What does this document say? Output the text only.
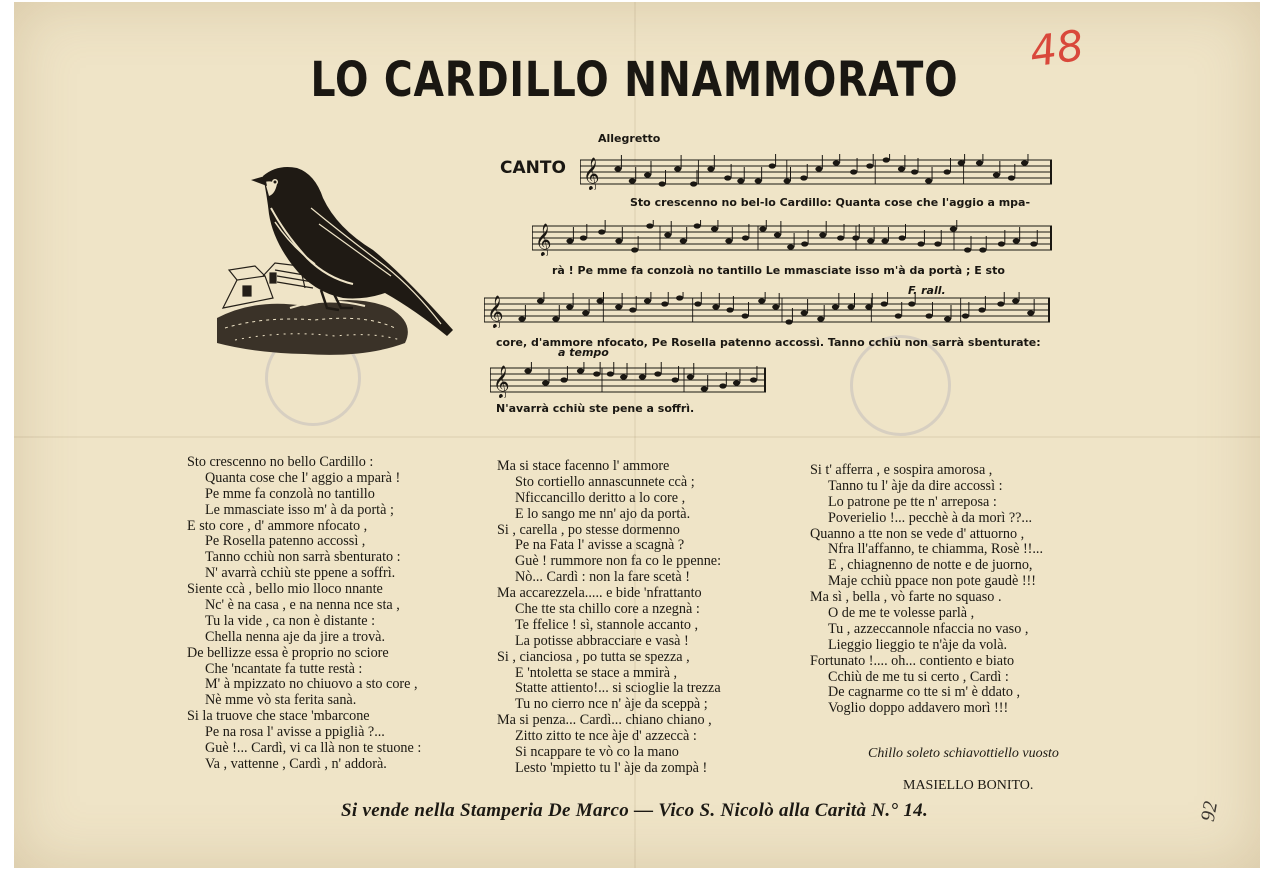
LO CARDILLO NNAMMORATO
48
Allegretto
CANTO
F. rall.
a tempo
𝄞
𝄞
𝄞
𝄞
Sto crescenno no bel-lo Cardillo: Quanta cose che l'aggio a mpa-
rà ! Pe mme fa conzolà no tantillo Le mmasciate isso m'à da portà ; E sto
core, d'ammore nfocato, Pe Rosella patenno accossì. Tanno cchiù non sarrà sbenturate:
N'avarrà cchiù ste pene a soffrì.
Sto crescenno no bello Cardillo :
Quanta cose che l' aggio a mparà !
Pe mme fa conzolà no tantillo
Le mmasciate isso m' à da portà ;
E sto core , d' ammore nfocato ,
Pe Rosella patenno accossì ,
Tanno cchiù non sarrà sbenturato :
N' avarrà cchiù ste ppene a soffrì.
Siente ccà , bello mio lloco nnante
Nc' è na casa , e na nenna nce sta ,
Tu la vide , ca non è distante :
Chella nenna aje da jire a trovà.
De bellizze essa è proprio no sciore
Che 'ncantate fa tutte restà :
M' à mpizzato no chiuovo a sto core ,
Nè mme vò sta ferita sanà.
Si la truove che stace 'mbarcone
Pe na rosa l' avisse a ppiglià ?...
Guè !... Cardì, vi ca llà non te stuone :
Va , vattenne , Cardì , n' addorà.
Ma si stace facenno l' ammore
Sto cortiello annascunnete ccà ;
Nficcancillo deritto a lo core ,
E lo sango me nn' ajo da portà.
Si , carella , po stesse dormenno
Pe na Fata l' avisse a scagnà ?
Guè ! rummore non fa co le ppenne:
Nò... Cardì : non la fare scetà !
Ma accarezzela..... e bide 'nfrattanto
Che tte sta chillo core a nzegnà :
Te ffelice ! sì, stannole accanto ,
La potisse abbracciare e vasà !
Si , cianciosa , po tutta se spezza ,
E 'ntoletta se stace a mmirà ,
Statte attiento!... si scioglie la trezza
Tu no cierro nce n' àje da sceppà ;
Ma si penza... Cardì... chiano chiano ,
Zitto zitto te nce àje d' azzeccà :
Si ncappare te vò co la mano
Lesto 'mpietto tu l' àje da zompà !
Si t' afferra , e sospira amorosa ,
Tanno tu l' àje da dire accossì :
Lo patrone pe tte n' arreposa :
Poverielio !... pecchè à da morì ??...
Quanno a tte non se vede d' attuorno ,
Nfra ll'affanno, te chiamma, Rosè !!...
E , chiagnenno de notte e de juorno,
Maje cchiù ppace non pote gaudè !!!
Ma sì , bella , vò farte no squaso .
O de me te volesse parlà ,
Tu , azzeccannole nfaccia no vaso ,
Lieggio lieggio te n'àje da volà.
Fortunato !.... oh... contiento e biato
Cchiù de me tu si certo , Cardì :
De cagnarme co tte si m' è ddato ,
Voglio doppo addavero morì !!!
Chillo soleto schiavottiello vuosto
MASIELLO BONITO.
Si vende nella Stamperia De Marco — Vico S. Nicolò alla Carità N.° 14.	92
